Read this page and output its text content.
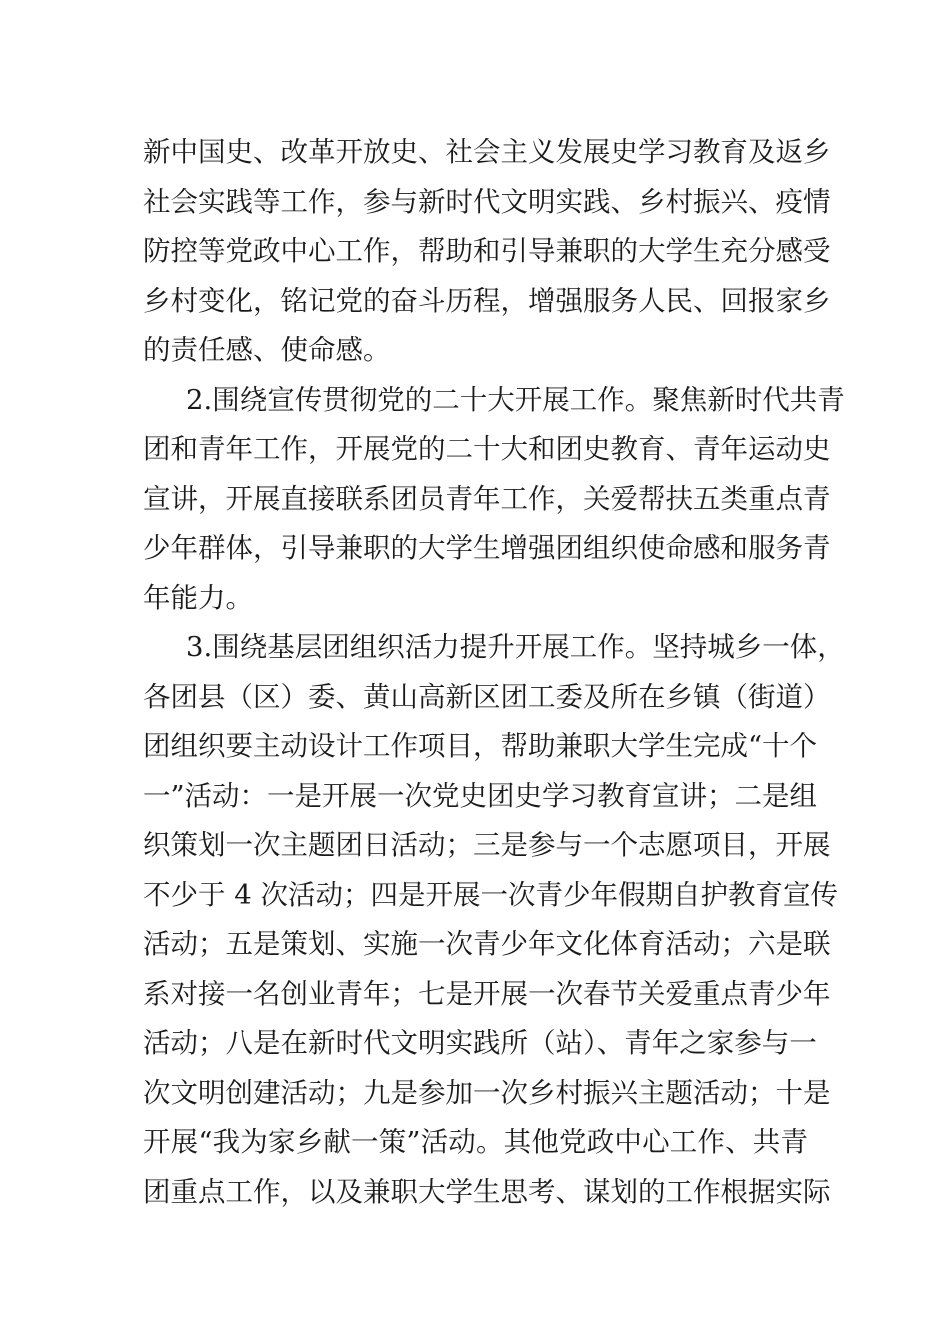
新中国史、改革开放史、社会主义发展史学习教育及返乡
社会实践等工作，参与新时代文明实践、乡村振兴、疫情
防控等党政中心工作，帮助和引导兼职的大学生充分感受
乡村变化，铭记党的奋斗历程，增强服务人民、回报家乡
的责任感、使命感。
2.围绕宣传贯彻党的二十大开展工作。聚焦新时代共青
团和青年工作，开展党的二十大和团史教育、青年运动史
宣讲，开展直接联系团员青年工作，关爱帮扶五类重点青
少年群体，引导兼职的大学生增强团组织使命感和服务青
年能力。
3.围绕基层团组织活力提升开展工作。坚持城乡一体，
各团县（区）委、黄山高新区团工委及所在乡镇（街道）
团组织要主动设计工作项目，帮助兼职大学生完成“十个
一”活动：一是开展一次党史团史学习教育宣讲；二是组
织策划一次主题团日活动；三是参与一个志愿项目，开展
不少于 4 次活动；四是开展一次青少年假期自护教育宣传
活动；五是策划、实施一次青少年文化体育活动；六是联
系对接一名创业青年；七是开展一次春节关爱重点青少年
活动；八是在新时代文明实践所（站）、青年之家参与一
次文明创建活动；九是参加一次乡村振兴主题活动；十是
开展“我为家乡献一策”活动。其他党政中心工作、共青
团重点工作，以及兼职大学生思考、谋划的工作根据实际
